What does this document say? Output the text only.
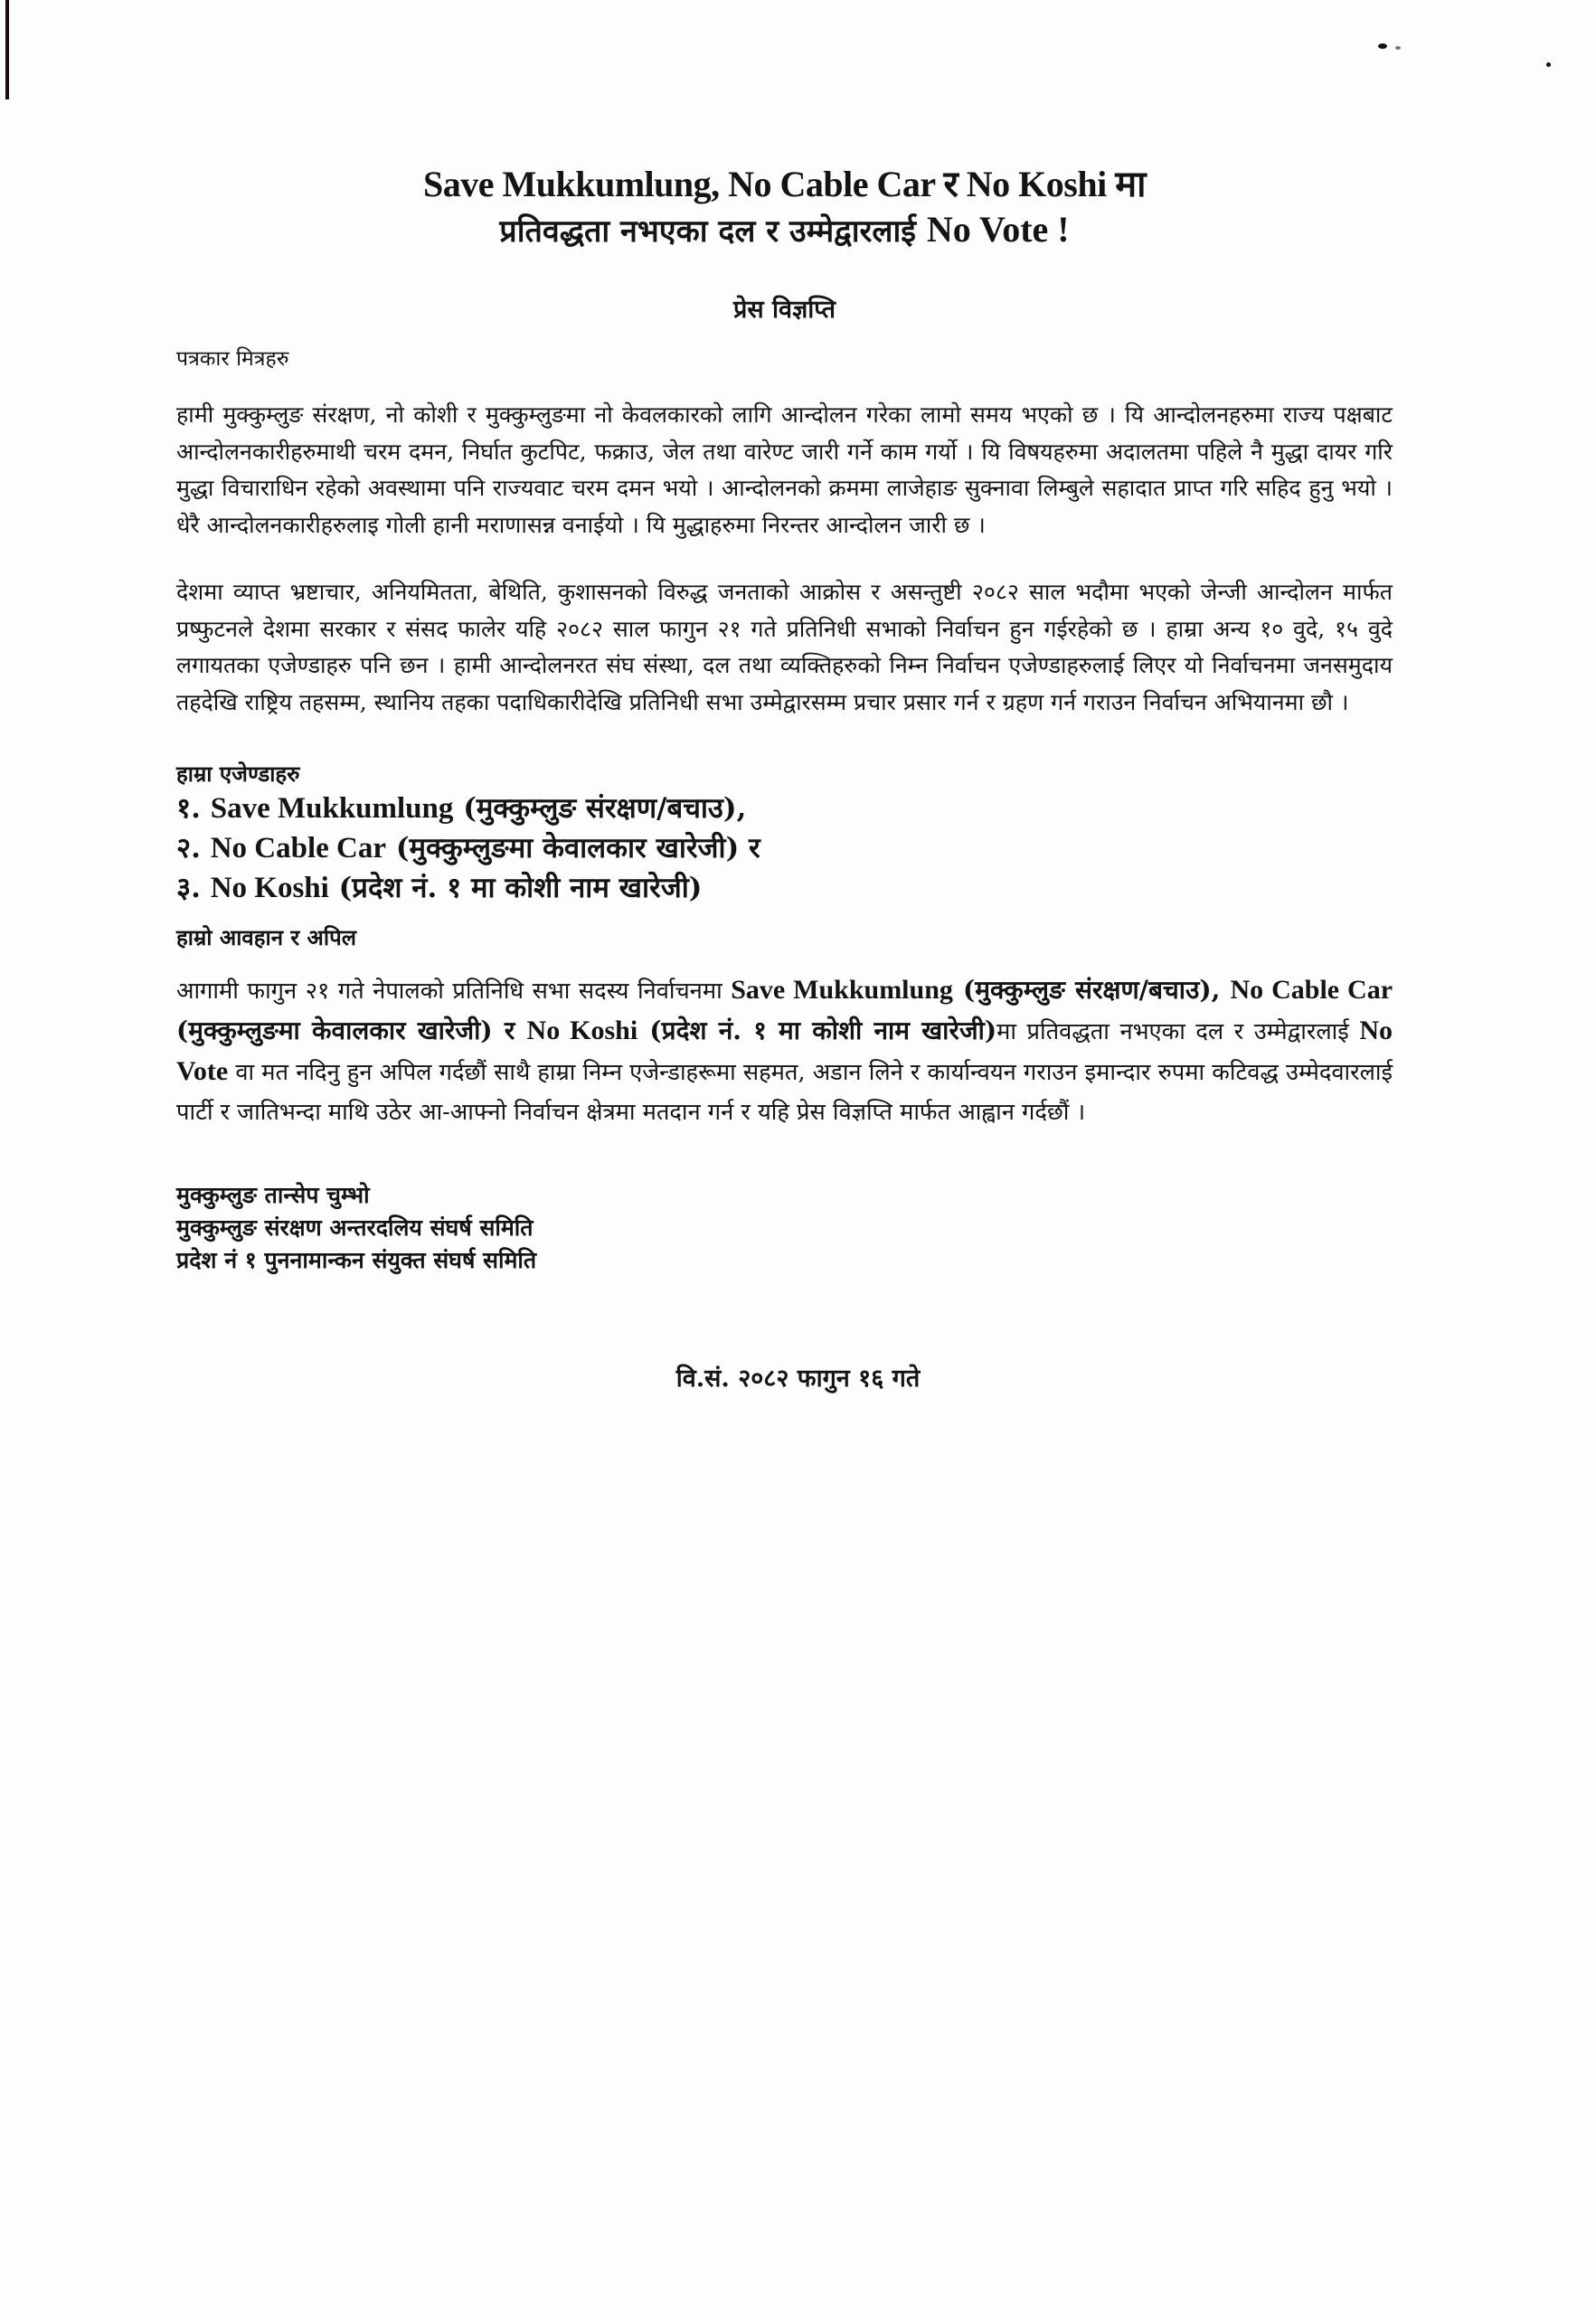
Save Mukkumlung, No Cable Car र No Koshi मा
प्रतिवद्धता नभएका दल र उम्मेद्वारलाई No Vote !
प्रेस विज्ञप्ति
पत्रकार मित्रहरु
हामी मुक्कुम्लुङ संरक्षण, नो कोशी र मुक्कुम्लुङमा नो केवलकारको लागि आन्दोलन गरेका लामो समय भएको छ । यि आन्दोलनहरुमा राज्य पक्षबाट आन्दोलनकारीहरुमाथी चरम दमन, निर्घात कुटपिट, फक्राउ, जेल तथा वारेण्ट जारी गर्ने काम गर्यो । यि विषयहरुमा अदालतमा पहिले नै मुद्धा दायर गरि मुद्धा विचाराधिन रहेको अवस्थामा पनि राज्यवाट चरम दमन भयो । आन्दोलनको क्रममा लाजेहाङ सुक्नावा लिम्बुले सहादात प्राप्त गरि सहिद हुनु भयो । धेरै आन्दोलनकारीहरुलाइ गोली हानी मराणासन्न वनाईयो । यि मुद्धाहरुमा निरन्तर आन्दोलन जारी छ ।
देशमा व्याप्त भ्रष्टाचार, अनियमितता, बेथिति, कुशासनको विरुद्ध जनताको आक्रोस र असन्तुष्टी २०८२ साल भदौमा भएको जेन्जी आन्दोलन मार्फत प्रष्फुटनले देशमा सरकार र संसद फालेर यहि २०८२ साल फागुन २१ गते प्रतिनिधी सभाको निर्वाचन हुन गईरहेको छ । हाम्रा अन्य १० वुदे, १५ वुदे लगायतका एजेण्डाहरु पनि छन । हामी आन्दोलनरत संघ संस्था, दल तथा व्यक्तिहरुको निम्न निर्वाचन एजेण्डाहरुलाई लिएर यो निर्वाचनमा जनसमुदाय तहदेखि राष्ट्रिय तहसम्म, स्थानिय तहका पदाधिकारीदेखि प्रतिनिधी सभा उम्मेद्वारसम्म प्रचार प्रसार गर्न र ग्रहण गर्न गराउन निर्वाचन अभियानमा छौ ।
हाम्रा एजेण्डाहरु
१. Save Mukkumlung (मुक्कुम्लुङ संरक्षण/बचाउ),
२. No Cable Car (मुक्कुम्लुङमा केवालकार खारेजी) र
३. No Koshi (प्रदेश नं. १ मा कोशी नाम खारेजी)
हाम्रो आवहान र अपिल
आगामी फागुन २१ गते नेपालको प्रतिनिधि सभा सदस्य निर्वाचनमा Save Mukkumlung (मुक्कुम्लुङ संरक्षण/बचाउ), No Cable Car (मुक्कुम्लुङमा केवालकार खारेजी) र No Koshi (प्रदेश नं. १ मा कोशी नाम खारेजी)मा प्रतिवद्धता नभएका दल र उम्मेद्वारलाई No Vote वा मत नदिनु हुन अपिल गर्दछौं साथै हाम्रा निम्न एजेन्डाहरूमा सहमत, अडान लिने र कार्यान्वयन गराउन इमान्दार रुपमा कटिवद्ध उम्मेदवारलाई पार्टी र जातिभन्दा माथि उठेर आ-आफ्नो निर्वाचन क्षेत्रमा मतदान गर्न र यहि प्रेस विज्ञप्ति मार्फत आह्वान गर्दछौं ।
मुक्कुम्लुङ तान्सेप चुम्भो
मुक्कुम्लुङ संरक्षण अन्तरदलिय संघर्ष समिति
प्रदेश नं १ पुननामान्कन संयुक्त संघर्ष समिति
वि.सं. २०८२ फागुन १६ गते
